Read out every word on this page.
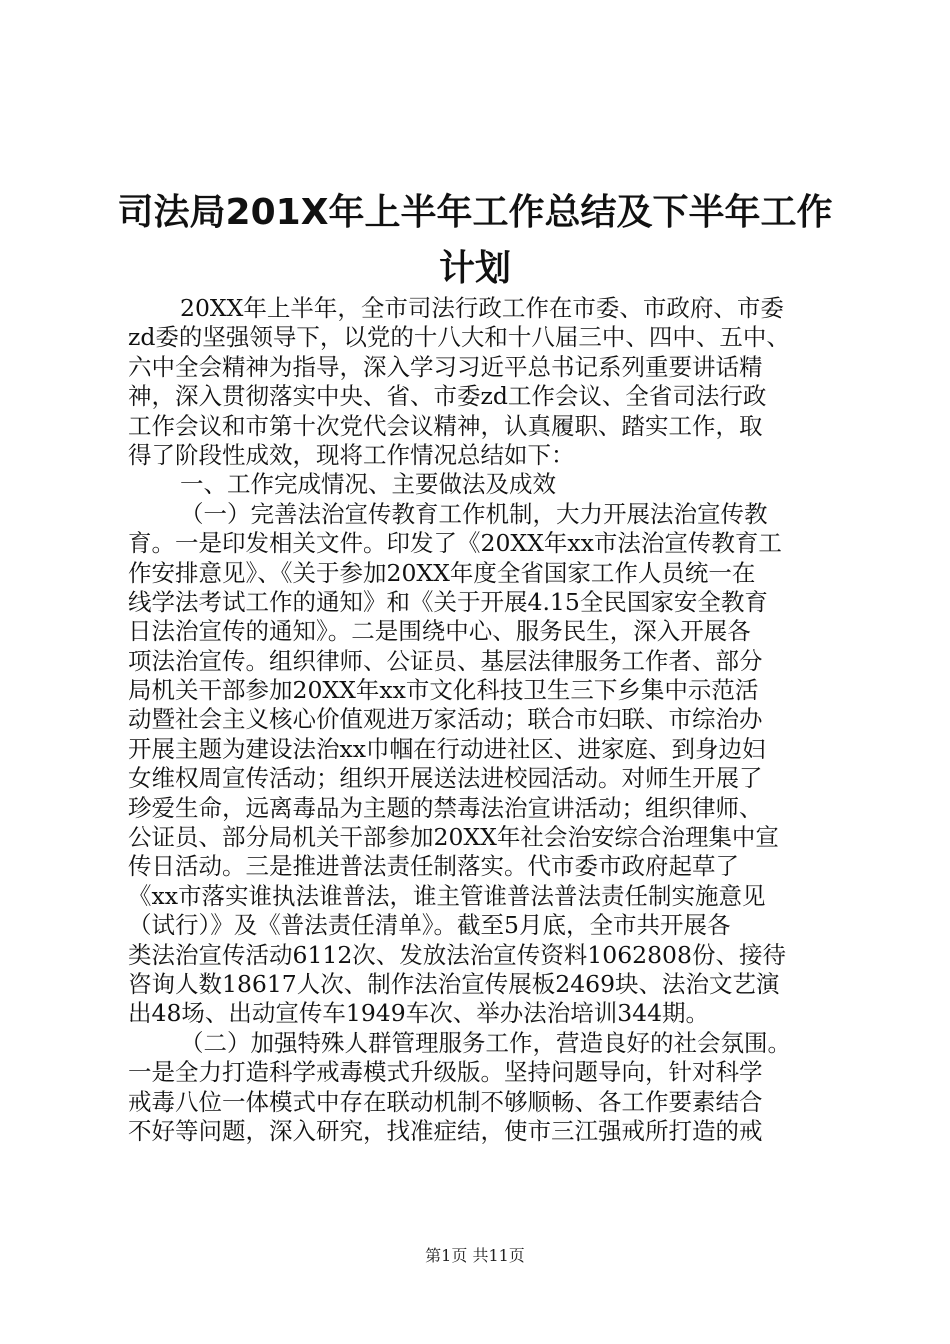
司法局201X年上半年工作总结及下半年工作
计划
20XX年上半年，全市司法行政工作在市委、市政府、市委
zd委的坚强领导下，以党的十八大和十八届三中、四中、五中、
六中全会精神为指导，深入学习习近平总书记系列重要讲话精
神，深入贯彻落实中央、省、市委zd工作会议、全省司法行政
工作会议和市第十次党代会议精神，认真履职、踏实工作，取
得了阶段性成效，现将工作情况总结如下：
一、工作完成情况、主要做法及成效
（一）完善法治宣传教育工作机制，大力开展法治宣传教
育。一是印发相关文件。印发了《20XX年xx市法治宣传教育工
作安排意见》、《关于参加20XX年度全省国家工作人员统一在
线学法考试工作的通知》和《关于开展4.15全民国家安全教育
日法治宣传的通知》。二是围绕中心、服务民生，深入开展各
项法治宣传。组织律师、公证员、基层法律服务工作者、部分
局机关干部参加20XX年xx市文化科技卫生三下乡集中示范活
动暨社会主义核心价值观进万家活动；联合市妇联、市综治办
开展主题为建设法治xx巾帼在行动进社区、进家庭、到身边妇
女维权周宣传活动；组织开展送法进校园活动。对师生开展了
珍爱生命，远离毒品为主题的禁毒法治宣讲活动；组织律师、
公证员、部分局机关干部参加20XX年社会治安综合治理集中宣
传日活动。三是推进普法责任制落实。代市委市政府起草了
《xx市落实谁执法谁普法，谁主管谁普法普法责任制实施意见
（试行）》及《普法责任清单》。截至5月底，全市共开展各
类法治宣传活动6112次、发放法治宣传资料1062808份、接待
咨询人数18617人次、制作法治宣传展板2469块、法治文艺演
出48场、出动宣传车1949车次、举办法治培训344期。
（二）加强特殊人群管理服务工作，营造良好的社会氛围。
一是全力打造科学戒毒模式升级版。坚持问题导向，针对科学
戒毒八位一体模式中存在联动机制不够顺畅、各工作要素结合
不好等问题，深入研究，找准症结，使市三江强戒所打造的戒
第1页 共11页
